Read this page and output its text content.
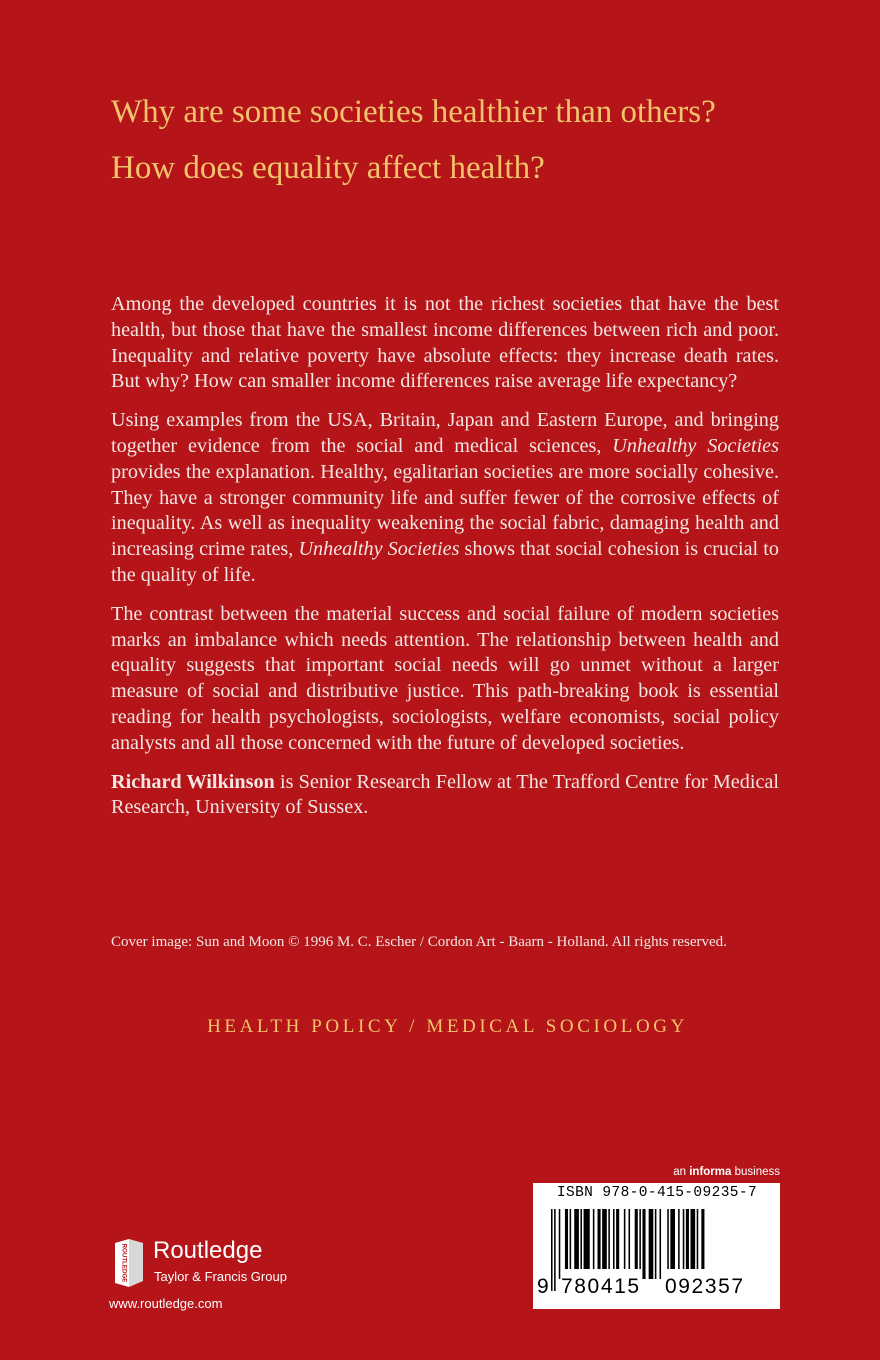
Why are some societies healthier than others?
How does equality affect health?

Among the developed countries it is not the richest societies that have the best health, but those that have the smallest income differences between rich and poor. Inequality and relative poverty have absolute effects: they increase death rates. But why? How can smaller income differences raise average life expectancy?

Using examples from the USA, Britain, Japan and Eastern Europe, and bringing together evidence from the social and medical sciences, Unhealthy Societies provides the explanation. Healthy, egalitarian societies are more socially cohesive. They have a stronger community life and suffer fewer of the corrosive effects of inequality. As well as inequality weakening the social fabric, damaging health and increasing crime rates, Unhealthy Societies shows that social cohesion is crucial to the quality of life.

The contrast between the material success and social failure of modern societies marks an imbalance which needs attention. The relationship between health and equality suggests that important social needs will go unmet without a larger measure of social and distributive justice. This path-breaking book is essential reading for health psychologists, sociologists, welfare economists, social policy analysts and all those concerned with the future of developed societies.

Richard Wilkinson is Senior Research Fellow at The Trafford Centre for Medical Research, University of Sussex.

Cover image: Sun and Moon © 1996 M. C. Escher / Cordon Art - Baarn - Holland. All rights reserved.

HEALTH POLICY / MEDICAL SOCIOLOGY

ROUTLEDGE Routledge
Taylor & Francis Group
www.routledge.com
an informa business
ISBN 978-0-415-09235-7
9 780415 092357
